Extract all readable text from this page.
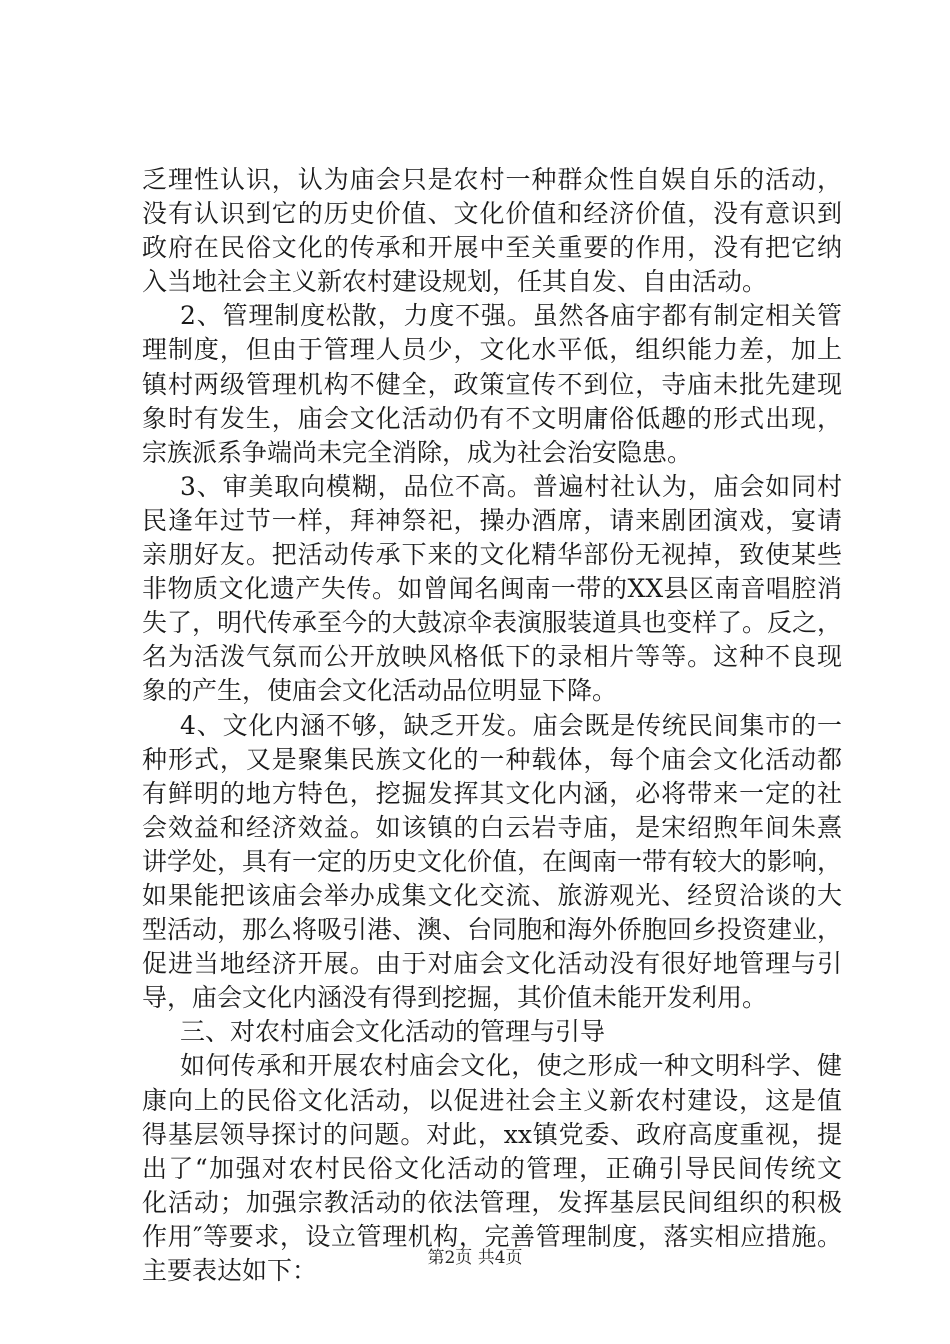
乏理性认识，认为庙会只是农村一种群众性自娱自乐的活动，
没有认识到它的历史价值、文化价值和经济价值，没有意识到
政府在民俗文化的传承和开展中至关重要的作用，没有把它纳
入当地社会主义新农村建设规划，任其自发、自由活动。
2、管理制度松散，力度不强。虽然各庙宇都有制定相关管
理制度，但由于管理人员少，文化水平低，组织能力差，加上
镇村两级管理机构不健全，政策宣传不到位，寺庙未批先建现
象时有发生，庙会文化活动仍有不文明庸俗低趣的形式出现，
宗族派系争端尚未完全消除，成为社会治安隐患。
3、审美取向模糊，品位不高。普遍村社认为，庙会如同村
民逢年过节一样，拜神祭祀，操办酒席，请来剧团演戏，宴请
亲朋好友。把活动传承下来的文化精华部份无视掉，致使某些
非物质文化遗产失传。如曾闻名闽南一带的XX县区南音唱腔消
失了，明代传承至今的大鼓凉伞表演服装道具也变样了。反之，
名为活泼气氛而公开放映风格低下的录相片等等。这种不良现
象的产生，使庙会文化活动品位明显下降。
4、文化内涵不够，缺乏开发。庙会既是传统民间集市的一
种形式，又是聚集民族文化的一种载体，每个庙会文化活动都
有鲜明的地方特色，挖掘发挥其文化内涵，必将带来一定的社
会效益和经济效益。如该镇的白云岩寺庙，是宋绍煦年间朱熹
讲学处，具有一定的历史文化价值，在闽南一带有较大的影响，
如果能把该庙会举办成集文化交流、旅游观光、经贸洽谈的大
型活动，那么将吸引港、澳、台同胞和海外侨胞回乡投资建业，
促进当地经济开展。由于对庙会文化活动没有很好地管理与引
导，庙会文化内涵没有得到挖掘，其价值未能开发利用。
三、对农村庙会文化活动的管理与引导
如何传承和开展农村庙会文化，使之形成一种文明科学、健
康向上的民俗文化活动，以促进社会主义新农村建设，这是值
得基层领导探讨的问题。对此，xx镇党委、政府高度重视，提
出了“加强对农村民俗文化活动的管理，正确引导民间传统文
化活动；加强宗教活动的依法管理，发挥基层民间组织的积极
作用″等要求，设立管理机构，完善管理制度，落实相应措施。
主要表达如下：	第2页 共4页
